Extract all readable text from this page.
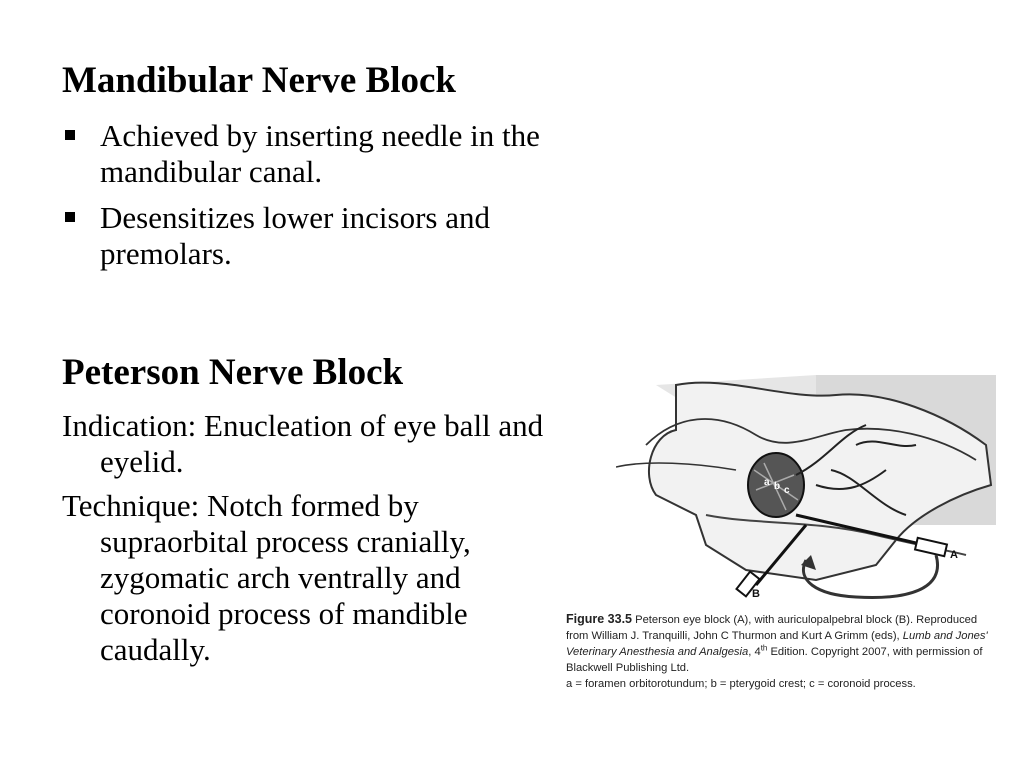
Mandibular Nerve Block
Achieved by inserting needle in the mandibular canal.
Desensitizes lower incisors and premolars.
Peterson Nerve Block

Indication: Enucleation of eye ball and eyelid.

Technique: Notch formed by supraorbital process cranially, zygomatic arch ventrally and coronoid process of mandible caudally.

a b c
A
B
Figure 33.5 Peterson eye block (A), with auriculopalpebral block (B). Reproduced from William J. Tranquilli, John C Thurmon and Kurt A Grimm (eds), Lumb and Jones' Veterinary Anesthesia and Analgesia, 4th Edition. Copyright 2007, with permission of Blackwell Publishing Ltd.
a = foramen orbitorotundum; b = pterygoid crest; c = coronoid process.
